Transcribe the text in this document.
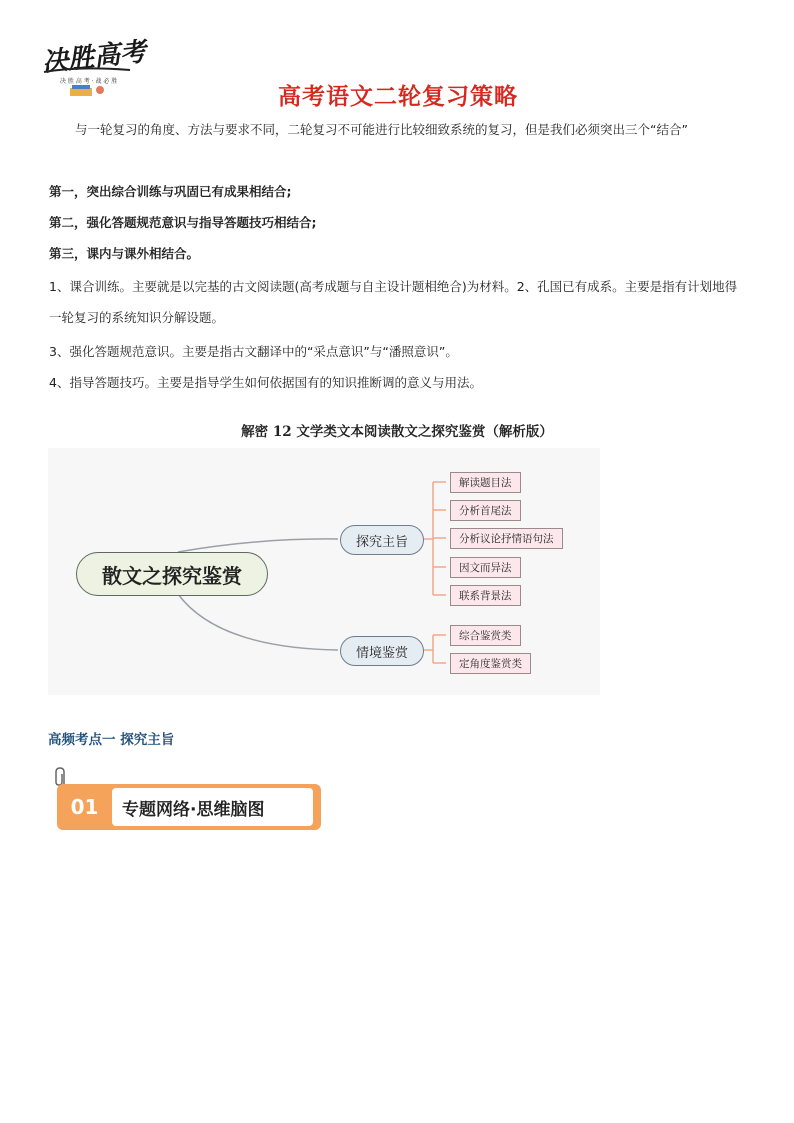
决胜高考
决 胜 高 考 · 战 必 胜
高考语文二轮复习策略

与一轮复习的角度、方法与要求不同，二轮复习不可能进行比较细致系统的复习，但是我们必须突出三个“结合”

第一，突出综合训练与巩固已有成果相结合;

第二，强化答题规范意识与指导答题技巧相结合;

第三，课内与课外相结合。

1、课合训练。主要就是以完基的古文阅读题(高考成题与自主设计题相绝合)为材料。2、孔国已有成系。主要是指有计划地得一轮复习的系统知识分解设题。

3、强化答题规范意识。主要是指古文翻译中的“采点意识”与“潘照意识”。

4、指导答题技巧。主要是指导学生如何依据国有的知识推断调的意义与用法。

解密 12 文学类文本阅读散文之探究鉴赏（解析版）
散文之探究鉴赏
探究主旨
情境鉴赏
解读题目法
分析首尾法
分析议论抒情语句法
因文而异法
联系背景法
综合鉴赏类
定角度鉴赏类
高频考点一 探究主旨
01	专题网络·思维脑图
